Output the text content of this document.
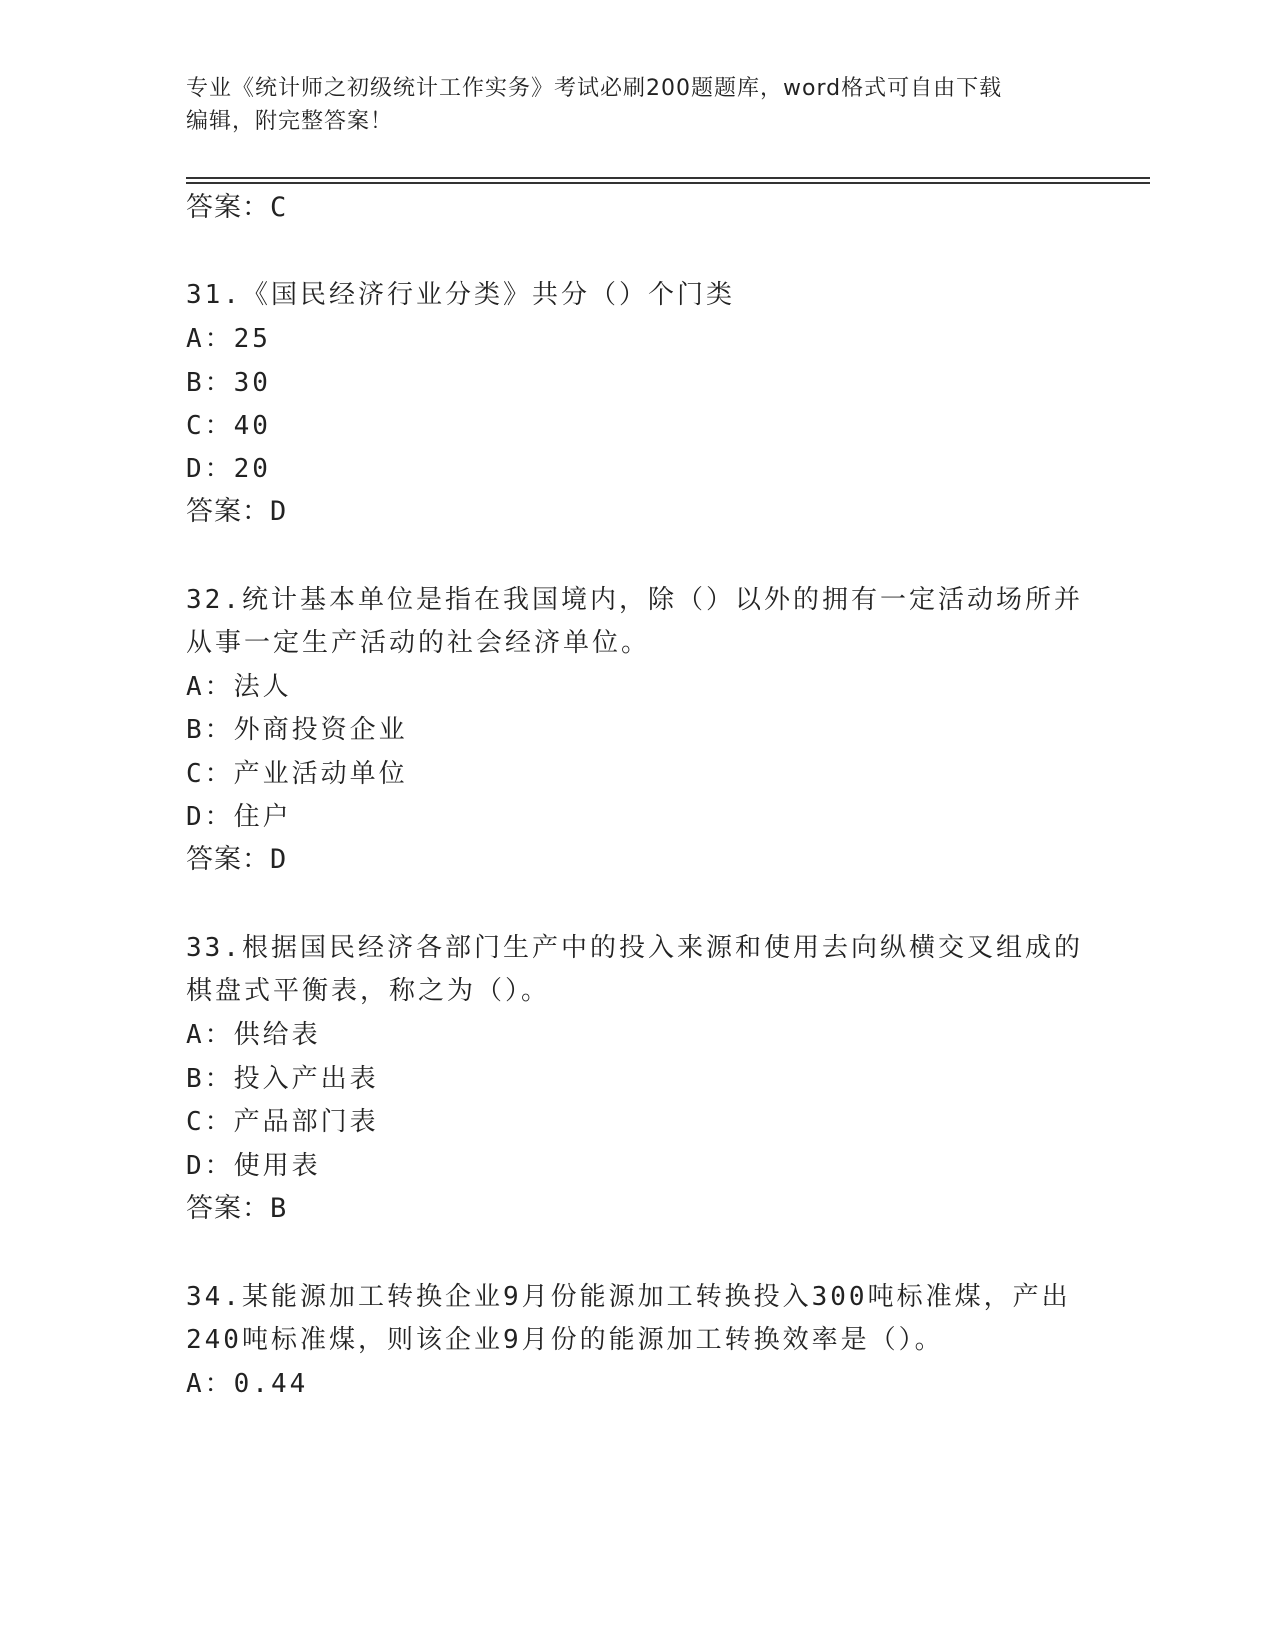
专业《统计师之初级统计工作实务》考试必刷200题题库，word格式可自由下载
编辑，附完整答案！
答案：C
31.《国民经济行业分类》共分（）个门类
A：25
B：30
C：40
D：20
答案：D
32.统计基本单位是指在我国境内，除（）以外的拥有一定活动场所并
从事一定生产活动的社会经济单位。
A：法人
B：外商投资企业
C：产业活动单位
D：住户
答案：D
33.根据国民经济各部门生产中的投入来源和使用去向纵横交叉组成的
棋盘式平衡表，称之为（）。
A：供给表
B：投入产出表
C：产品部门表
D：使用表
答案：B
34.某能源加工转换企业9月份能源加工转换投入300吨标准煤，产出
240吨标准煤，则该企业9月份的能源加工转换效率是（）。
A：0.44
